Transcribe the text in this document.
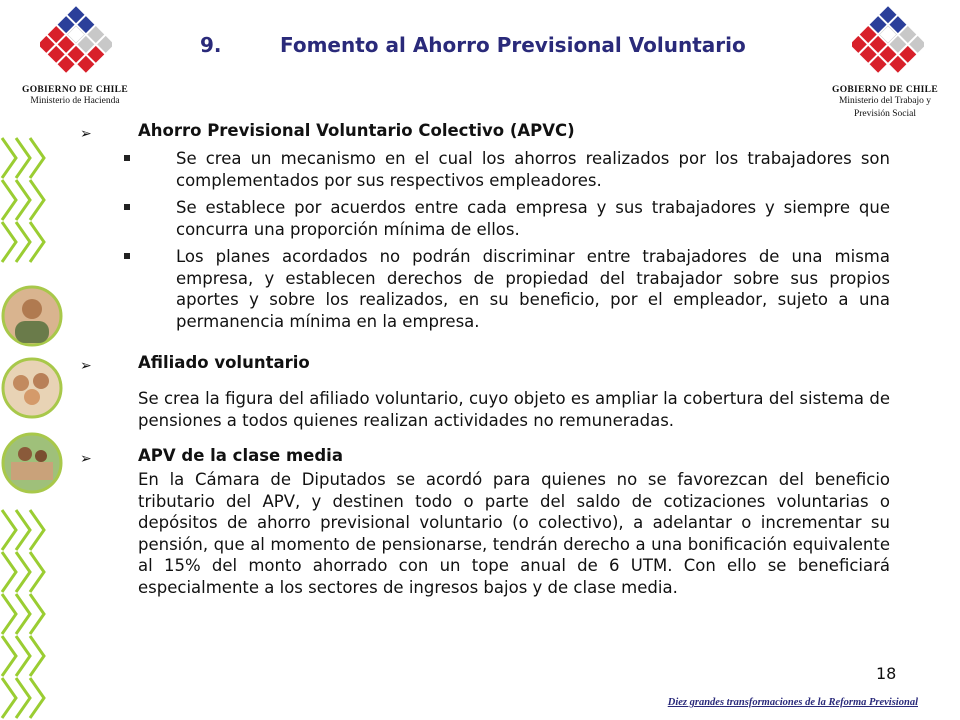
GOBIERNO DE CHILE
Ministerio de Hacienda
GOBIERNO DE CHILE
Ministerio del Trabajo y
Previsión Social
9.	Fomento al Ahorro Previsional Voluntario
➢	Ahorro Previsional Voluntario Colectivo (APVC)
Se crea un mecanismo en el cual los ahorros realizados por los trabajadores son complementados por sus respectivos empleadores.
Se establece por acuerdos entre cada empresa y sus trabajadores y siempre que concurra una proporción mínima de ellos.
Los planes acordados no podrán discriminar entre trabajadores de una misma empresa, y establecen derechos de propiedad del trabajador sobre sus propios aportes y sobre los realizados, en su beneficio, por el empleador, sujeto a una permanencia mínima en la empresa.
➢	Afiliado voluntario
Se crea la figura del afiliado voluntario, cuyo objeto es ampliar la cobertura del sistema de pensiones a todos quienes realizan actividades no remuneradas.
➢	APV de la clase media
En la Cámara de Diputados se acordó para quienes no se favorezcan del beneficio tributario del APV, y destinen todo o parte del saldo de cotizaciones voluntarias o depósitos de ahorro previsional voluntario (o colectivo), a adelantar o incrementar su pensión, que al momento de pensionarse, tendrán derecho a una bonificación equivalente al 15% del monto ahorrado con un tope anual de 6 UTM. Con ello se beneficiará especialmente a los sectores de ingresos bajos y de clase media.
18
Diez grandes transformaciones de la Reforma Previsional
